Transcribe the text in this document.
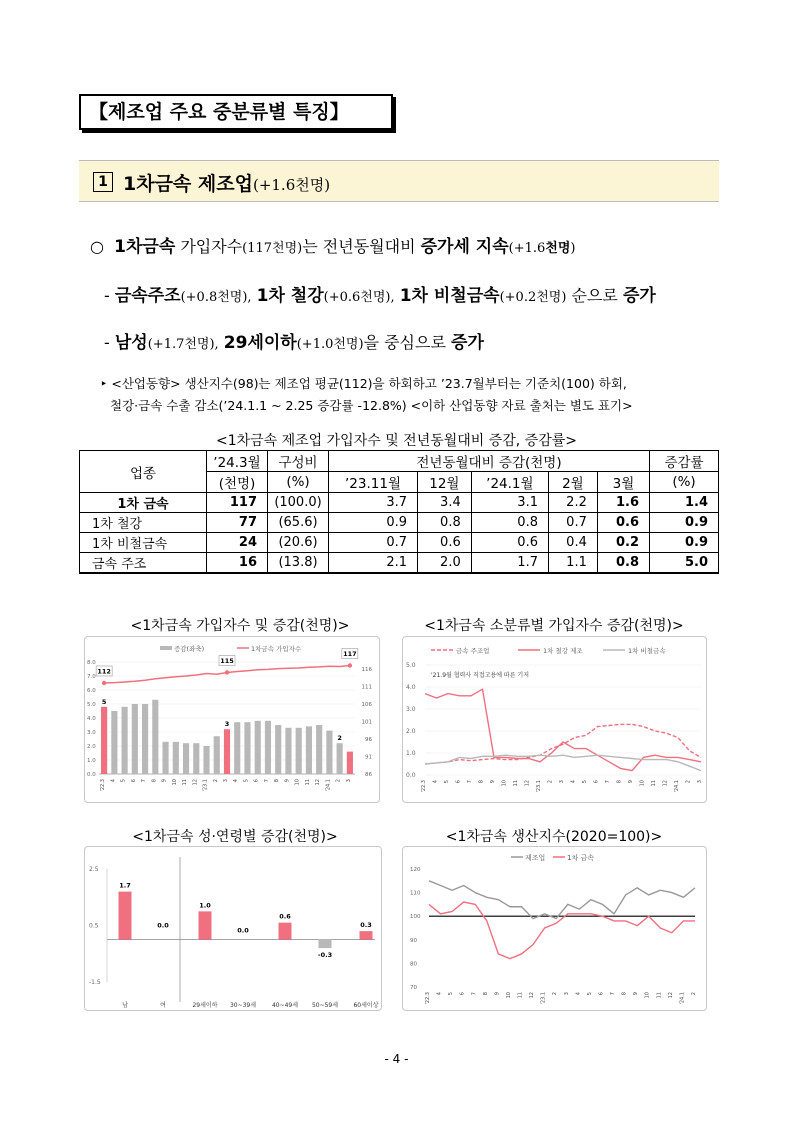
【제조업 주요 중분류별 특징】
1 1차금속 제조업(+1.6천명)
○ 1차금속 가입자수(117천명)는 전년동월대비 증가세 지속(+1.6천명)
- 금속주조(+0.8천명), 1차 철강(+0.6천명), 1차 비철금속(+0.2천명) 순으로 증가
- 남성(+1.7천명), 29세이하(+1.0천명)을 중심으로 증가
‣ <산업동향> 생산지수(98)는 제조업 평균(112)을 하회하고 ’23.7월부터는 기준치(100) 하회,
철강·금속 수출 감소(’24.1.1 ~ 2.25 증감률 -12.8%) <이하 산업동향 자료 출처는 별도 표기>
<1차금속 제조업 가입자수 및 전년동월대비 증감, 증감률>
업종	’24.3월	구성비	전년동월대비 증감(천명)					증감률
	(천명)	(%)	’23.11월	12월	’24.1월	2월	3월	(%)
1차 금속	117	(100.0)	3.7	3.4	3.1	2.2	1.6	1.4
1차 철강	77	(65.6)	0.9	0.8	0.8	0.7	0.6	0.9
1차 비철금속	24	(20.6)	0.7	0.6	0.6	0.4	0.2	0.9
금속 주조	16	(13.8)	2.1	2.0	1.7	1.1	0.8	5.0
<1차금속 가입자수 및 증감(천명)>	<1차금속 소분류별 가입자수 증감(천명)>
<1차금속 성·연령별 증감(천명)>	<1차금속 생산지수(2020=100)>
증감(좌축)	1차금속 가입자수
0.0
1.0
2.0
3.0
4.0
5.0
6.0
7.0
8.0
86
91
96
101
106
111
116
'22.3 4 5 6 7 8 9 10 11 12 '23.1 2 3 4 5 6 7 8 9 10 11 12 '24.1 2 3
112
115
117
5
3
2
금속 주조업	1차 철강 제조	1차 비철금속
0.0
1.0
2.0
3.0
4.0
5.0
'21.9월 협력사 직접고용에 따른 기저
'22.3 4 5 6 7 8 9 10 11 12 '23.1 2 3 4 5 6 7 8 9 10 11 12 '24.1 2 3
2.5
0.5
-1.5
1.7
남
0.0
여
1.0
29세이하
0.0
30~39세
0.6
40~49세
-0.3
50~59세
0.3
60세이상
제조업	1차 금속
70
80
90
100
110
120
'22.3 4 5 6 7 8 9 10 11 12 '23.1 2 3 4 5 6 7 8 9 10 11 12 '24.1 2
- 4 -
